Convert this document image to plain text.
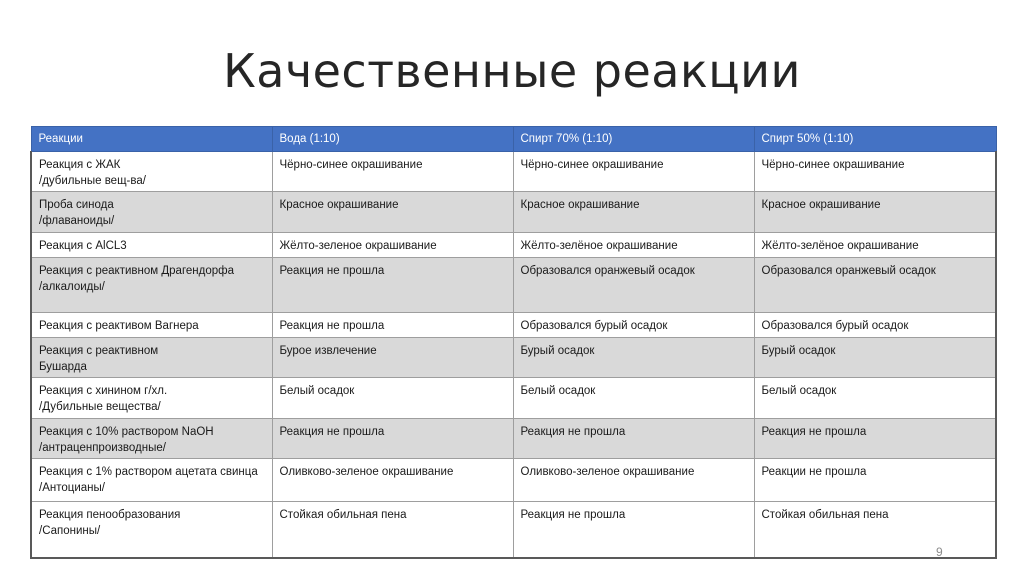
Качественные реакции
Реакции	Вода (1:10)	Спирт 70% (1:10)	Спирт 50% (1:10)

Реакция с ЖАК
/дубильные вещ-ва/	Чёрно-синее окрашивание	Чёрно-синее окрашивание	Чёрно-синее окрашивание

Проба синода
/флаваноиды/	Красное окрашивание	Красное окрашивание	Красное окрашивание

Реакция с AlCL3	Жёлто-зеленое окрашивание	Жёлто-зелёное окрашивание	Жёлто-зелёное окрашивание

Реакция с реактивном Драгендорфа
/алкалоиды/	Реакция не прошла	Образовался оранжевый осадок	Образовался оранжевый осадок

Реакция с реактивом Вагнера	Реакция не прошла	Образовался бурый осадок	Образовался бурый осадок

Реакция с реактивном
Бушарда	Бурое извлечение	Бурый осадок	Бурый осадок

Реакция с хинином г/хл.
/Дубильные вещества/	Белый осадок	Белый осадок	Белый осадок

Реакция с 10% раствором NaOH
/антраценпроизводные/	Реакция не прошла	Реакция не прошла	Реакция не прошла

Реакция с 1% раствором ацетата свинца
/Антоцианы/	Оливково-зеленое окрашивание	Оливково-зеленое окрашивание	Реакции не прошла

Реакция пенообразования
/Сапонины/	Стойкая обильная пена	Реакция не прошла	Стойкая обильная пена
9
